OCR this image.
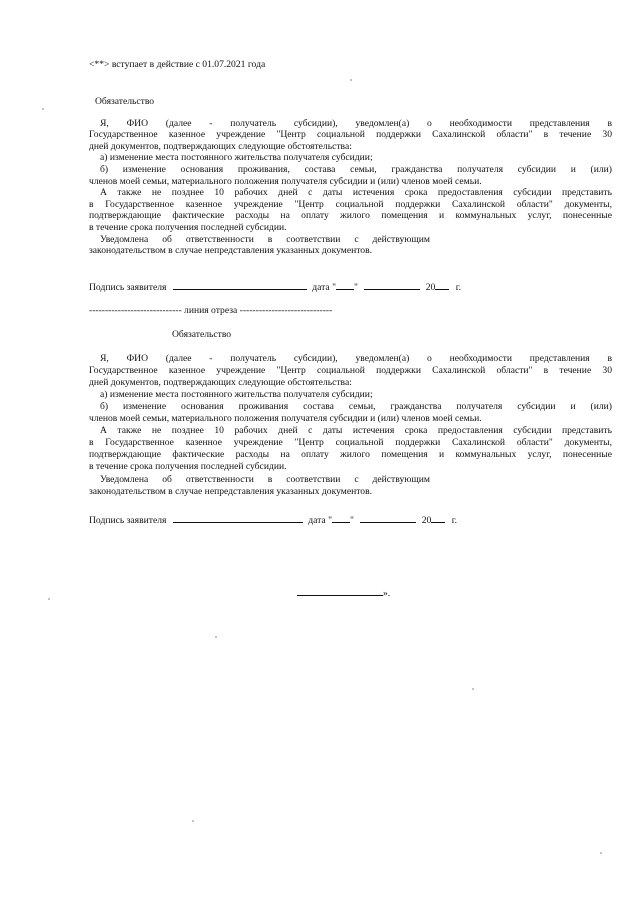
<**> вступает в действие с 01.07.2021 года
Обязательство
Я, ФИО (далее - получатель субсидии), уведомлен(а) о необходимости представления в
Государственное казенное учреждение "Центр социальной поддержки Сахалинской области" в течение 30
дней документов, подтверждающих следующие обстоятельства:
а) изменение места постоянного жительства получателя субсидии;
б) изменение основания проживания, состава семьи, гражданства получателя субсидии и (или)
членов моей семьи, материального положения получателя субсидии и (или) членов моей семьи.
А также не позднее 10 рабочих дней с даты истечения срока предоставления субсидии представить
в Государственное казенное учреждение "Центр социальной поддержки Сахалинской области" документы,
подтверждающие фактические расходы на оплату жилого помещения и коммунальных услуг, понесенные
в течение срока получения последней субсидии.
Уведомлена об ответственности в соответствии с действующим
законодательством в случае непредставления указанных документов.
Подпись заявителя	дата " "	20 г.
----------------------------- линия отреза -----------------------------
Обязательство
Я, ФИО (далее - получатель субсидии), уведомлен(а) о необходимости представления в
Государственное казенное учреждение "Центр социальной поддержки Сахалинской области" в течение 30
дней документов, подтверждающих следующие обстоятельства:
а) изменение места постоянного жительства получателя субсидии;
б) изменение основания проживания состава семьи, гражданства получателя субсидии и (или)
членов моей семьи, материального положения получателя субсидии и (или) членов моей семьи.
А также не позднее 10 рабочих дней с даты истечения срока предоставления субсидии представить
в Государственное казенное учреждение "Центр социальной поддержки Сахалинской области" документы,
подтверждающие фактические расходы на оплату жилого помещения и коммунальных услуг, понесенные
в течение срока получения последней субсидии.
Уведомлена об ответственности в соответствии с действующим
законодательством в случае непредставления указанных документов.
Подпись заявителя	дата " "	20 г.
».
